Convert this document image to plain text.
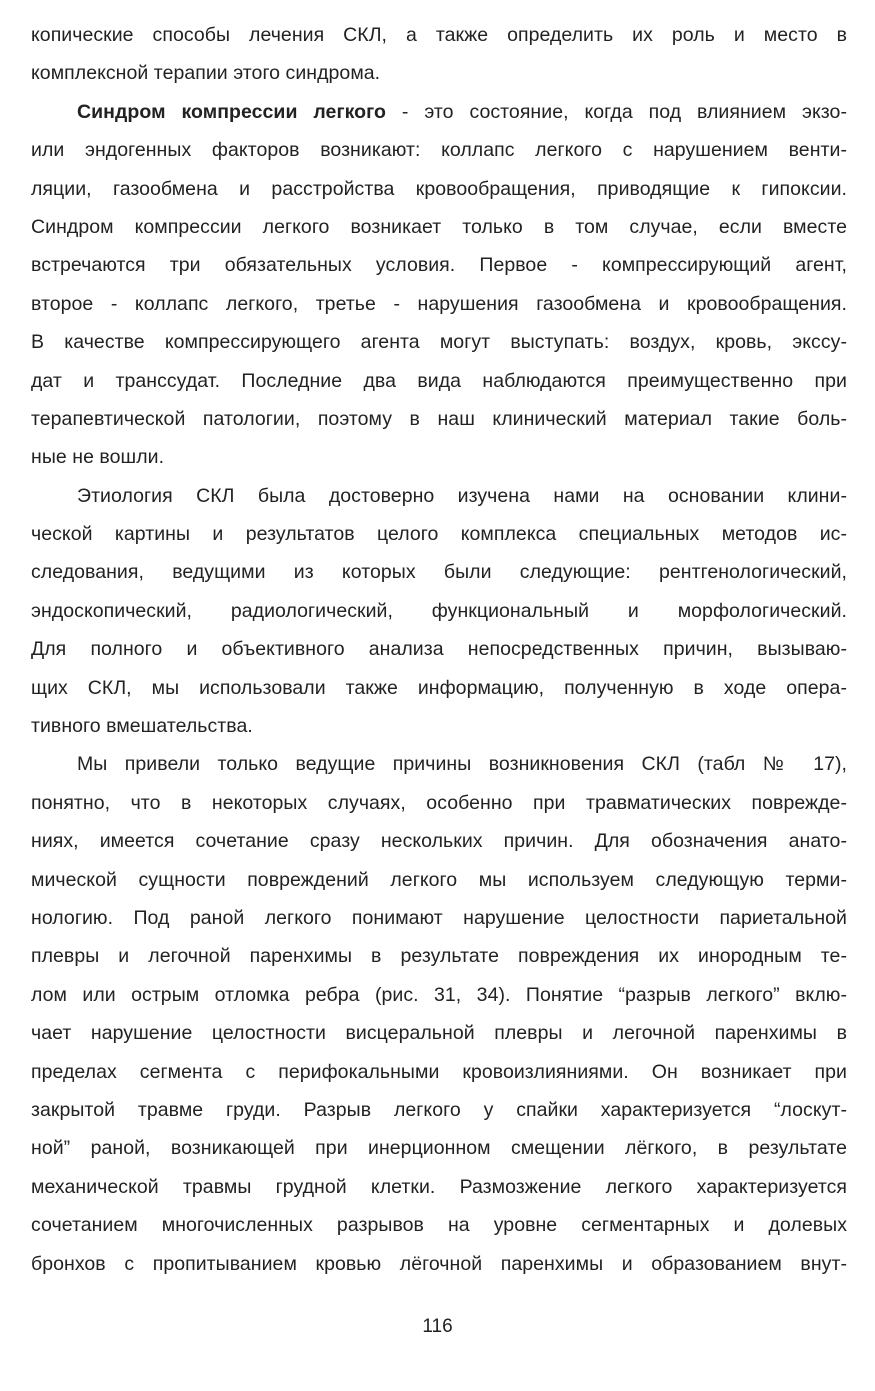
копические способы лечения СКЛ, а также определить их роль и место в
комплексной терапии этого синдрома.
Синдром компрессии легкого - это состояние, когда под влиянием экзо-
или эндогенных факторов возникают: коллапс легкого с нарушением венти-
ляции, газообмена и расстройства кровообращения, приводящие к гипоксии.
Синдром компрессии легкого возникает только в том случае, если вместе
встречаются три обязательных условия. Первое - компрессирующий агент,
второе - коллапс легкого, третье - нарушения газообмена и кровообращения.
В качестве компрессирующего агента могут выступать: воздух, кровь, экссу-
дат и транссудат. Последние два вида наблюдаются преимущественно при
терапевтической патологии, поэтому в наш клинический материал такие боль-
ные не вошли.
Этиология СКЛ была достоверно изучена нами на основании клини-
ческой картины и результатов целого комплекса специальных методов ис-
следования, ведущими из которых были следующие: рентгенологический,
эндоскопический, радиологический, функциональный и морфологический.
Для полного и объективного анализа непосредственных причин, вызываю-
щих СКЛ, мы использовали также информацию, полученную в ходе опера-
тивного вмешательства.
Мы привели только ведущие причины возникновения СКЛ (табл № 17),
понятно, что в некоторых случаях, особенно при травматических поврежде-
ниях, имеется сочетание сразу нескольких причин. Для обозначения анато-
мической сущности повреждений легкого мы используем следующую терми-
нологию. Под раной легкого понимают нарушение целостности париетальной
плевры и легочной паренхимы в результате повреждения их инородным те-
лом или острым отломка ребра (рис. 31, 34). Понятие “разрыв легкого” вклю-
чает нарушение целостности висцеральной плевры и легочной паренхимы в
пределах сегмента с перифокальными кровоизлияниями. Он возникает при
закрытой травме груди. Разрыв легкого у спайки характеризуется “лоскут-
ной” раной, возникающей при инерционном смещении лёгкого, в результате
механической травмы грудной клетки. Размозжение легкого характеризуется
сочетанием многочисленных разрывов на уровне сегментарных и долевых
бронхов с пропитыванием кровью лёгочной паренхимы и образованием внут-
116
